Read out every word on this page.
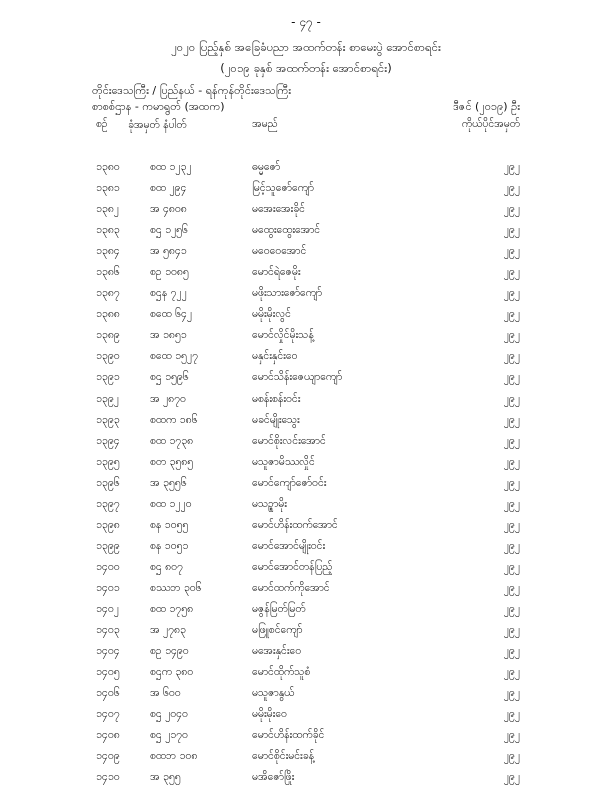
- ၄၇ -
၂၀၂၀ ပြည့်နှစ် အခြေခံပညာ အထက်တန်း စာမေးပွဲ အောင်စာရင်း
(၂၀၁၉ ခုနှစ် အထက်တန်း အောင်စာရင်း)
တိုင်းဒေသကြီး / ပြည်နယ် - ရန်ကုန်တိုင်းဒေသကြီး
စာစစ်ဌာန - ကမာရွတ် (အထက)	ဒီဇင် (၂၀၁၉) ဦး
စဉ် ခုံအမှတ် နံပါတ်	အမည်	ကိုယ်ပိုင်အမှတ်
၁၃၈၀	စထ ၁၂၃၂	ဓမ္မဇော်	၂၉၂
၁၃၈၁	စထ ၂၉၄	မြင့်သူဇော်ကျော်	၂၉၂
၁၃၈၂	အ ၄၈၀၈	မအေးအေးခိုင်	၂၉၂
၁၃၈၃	စဌ ၁၂၅၆	မထွေးထွေးအောင်	၂၉၂
၁၃၈၄	အ ၅၈၄၁	မဝေဝေအောင်	၂၉၂
၁၃၈၆	စဥ ၁၀၈၅	မောင်ရဲဇေမိုး	၂၉၂
၁၃၈၇	စဌန ၇၂၂	မဖိုးသားဇော်ကျော်	၂၉၂
၁၃၈၈	စထေ ၆၄၂	မမိုးမိုးလွင်	၂၉၂
၁၃၈၉	အ ၁၈၅၁	မောင်လှိုင်မိုးသန့်	၂၉၂
၁၃၉၀	စထေ ၁၅၂၇	မနှင်းနှင်းဝေ	၂၉၂
၁၃၉၁	စဌ ၁၅၉၆	မောင်သိန်းဇေယျာကျော်	၂၉၂
၁၃၉၂	အ ၂၈၇၀	မစန်းစန်းဝင်း	၂၉၂
၁၃၉၃	စထက ၁၈၆	မခင်မျိုးသွေး	၂၉၂
၁၃၉၄	စထ ၁၇၃၈	မောင်စိုးလင်းအောင်	၂၉၂
၁၃၉၅	စတ ၃၅၈၅	မသူဇာမိဿလှိုင်	၂၉၂
၁၃၉၆	အ ၃၅၅၆	မောင်ကျော်ဇော်ဝင်း	၂၉၂
၁၃၉၇	စထ ၁၂၂၀	မသဥ္စာမိုး	၂၉၂
၁၃၉၈	စန ၁၀၅၅	မောင်ဟိန်းထက်အောင်	၂၉၂
၁၃၉၉	စန ၁၀၅၁	မောင်အောင်မျိုးဝင်း	၂၉၂
၁၄၀၀	စဌ ၈၀၇	မောင်အောင်တန်ပြည့်	၂၉၂
၁၄၀၁	စဿဘ ၃၀၆	မောင်ထက်ကိုအောင်	၂၉၂
၁၄၀၂	စထ ၁၇၅၈	မဇွန်မြတ်မြတ်	၂၉၂
၁၄၀၃	အ ၂၇၈၃	မဖြူစင်ကျော်	၂၉၂
၁၄၀၄	စဥ ၁၄၉၀	မအေးနှင်းဝေ	၂၉၂
၁၄၀၅	စဌက ၃၈၀	မောင်ထိုက်သူစံ	၂၉၂
၁၄၀၆	အ ၆၀၀	မသူဇာနွယ်	၂၉၂
၁၄၀၇	စဌ ၂၀၄၀	မမိုးမိုးဝေ	၂၉၂
၁၄၀၈	စဌ ၂၁၇၀	မောင်ဟိန်းထက်ခိုင်	၂၉၂
၁၄၀၉	စထဘ ၁၀၈	မောင်စိုင်းမင်းခန့်	၂၉၂
၁၄၁၀	အ ၃၅၅	မအိဇော်ဖြိုး	၂၉၂
